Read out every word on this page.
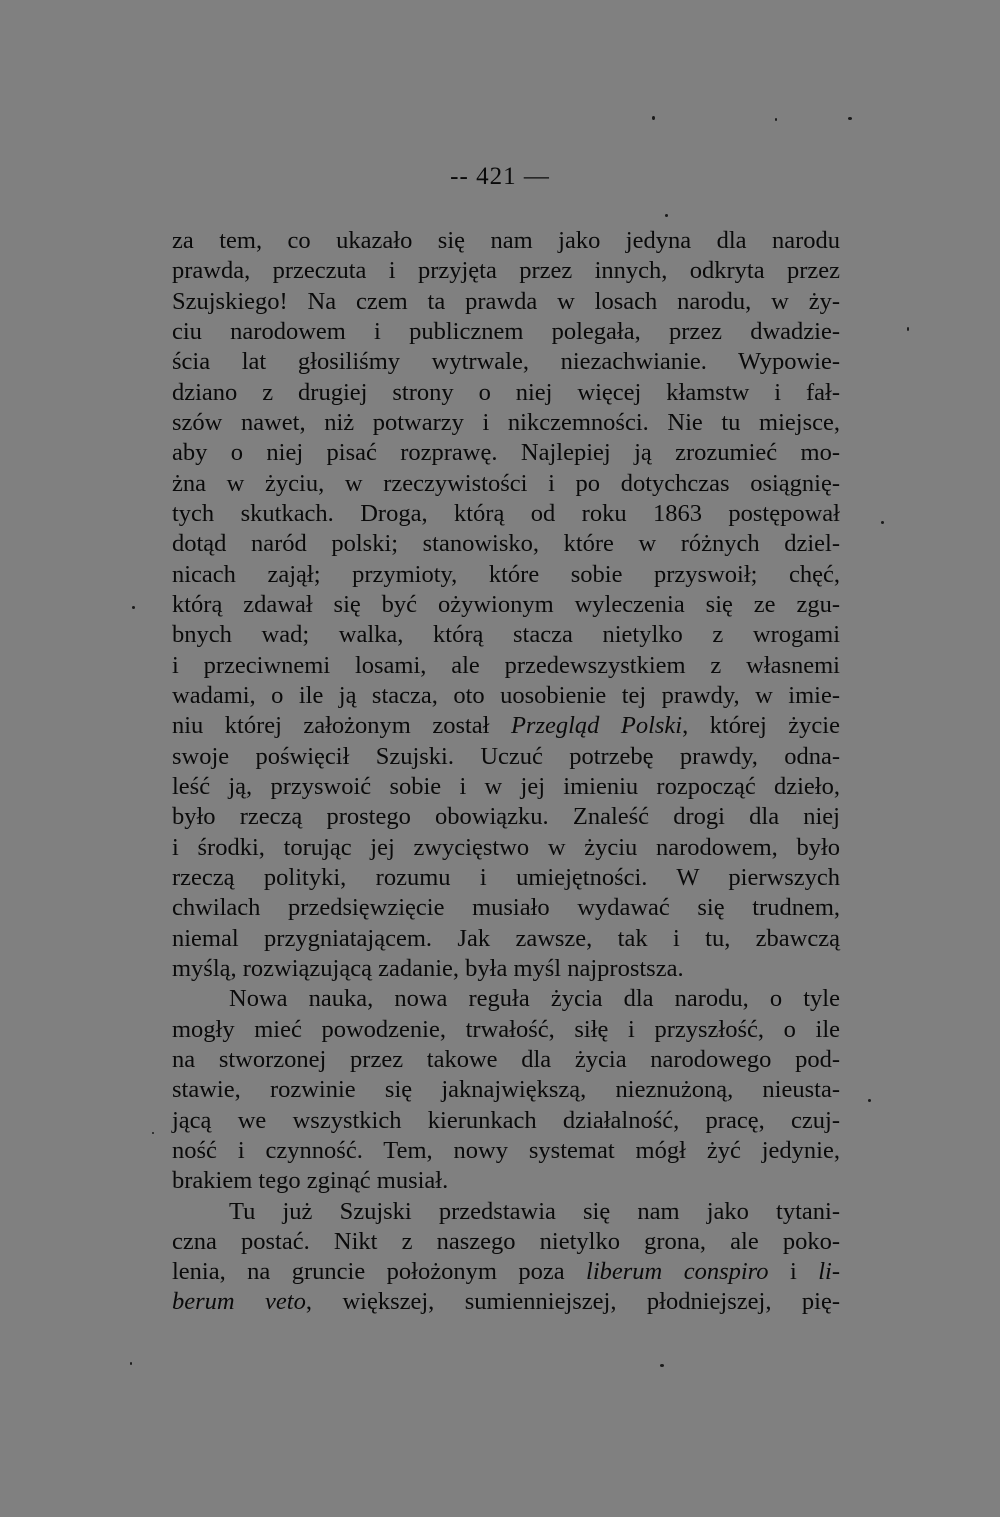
-- 421 —
za tem, co ukazało się nam jako jedyna dla narodu
prawda, przeczuta i przyjęta przez innych, odkryta przez
Szujskiego! Na czem ta prawda w losach narodu, w ży-
ciu narodowem i publicznem polegała, przez dwadzie-
ścia lat głosiliśmy wytrwale, niezachwianie. Wypowie-
dziano z drugiej strony o niej więcej kłamstw i fał-
szów nawet, niż potwarzy i nikczemności. Nie tu miejsce,
aby o niej pisać rozprawę. Najlepiej ją zrozumieć mo-
żna w życiu, w rzeczywistości i po dotychczas osiągnię-
tych skutkach. Droga, którą od roku 1863 postępował
dotąd naród polski; stanowisko, które w różnych dziel-
nicach zajął; przymioty, które sobie przyswoił; chęć,
którą zdawał się być ożywionym wyleczenia się ze zgu-
bnych wad; walka, którą stacza nietylko z wrogami
i przeciwnemi losami, ale przedewszystkiem z własnemi
wadami, o ile ją stacza, oto uosobienie tej prawdy, w imie-
niu której założonym został Przegląd Polski, której życie
swoje poświęcił Szujski. Uczuć potrzebę prawdy, odna-
leść ją, przyswoić sobie i w jej imieniu rozpocząć dzieło,
było rzeczą prostego obowiązku. Znaleść drogi dla niej
i środki, torując jej zwycięstwo w życiu narodowem, było
rzeczą polityki, rozumu i umiejętności. W pierwszych
chwilach przedsięwzięcie musiało wydawać się trudnem,
niemal przygniatającem. Jak zawsze, tak i tu, zbawczą
myślą, rozwiązującą zadanie, była myśl najprostsza.
Nowa nauka, nowa reguła życia dla narodu, o tyle
mogły mieć powodzenie, trwałość, siłę i przyszłość, o ile
na stworzonej przez takowe dla życia narodowego pod-
stawie, rozwinie się jaknajwiększą, nieznużoną, nieusta-
jącą we wszystkich kierunkach działalność, pracę, czuj-
ność i czynność. Tem, nowy systemat mógł żyć jedynie,
brakiem tego zginąć musiał.
Tu już Szujski przedstawia się nam jako tytani-
czna postać. Nikt z naszego nietylko grona, ale poko-
lenia, na gruncie położonym poza liberum conspiro i li-
berum veto, większej, sumienniejszej, płodniejszej, pię-
